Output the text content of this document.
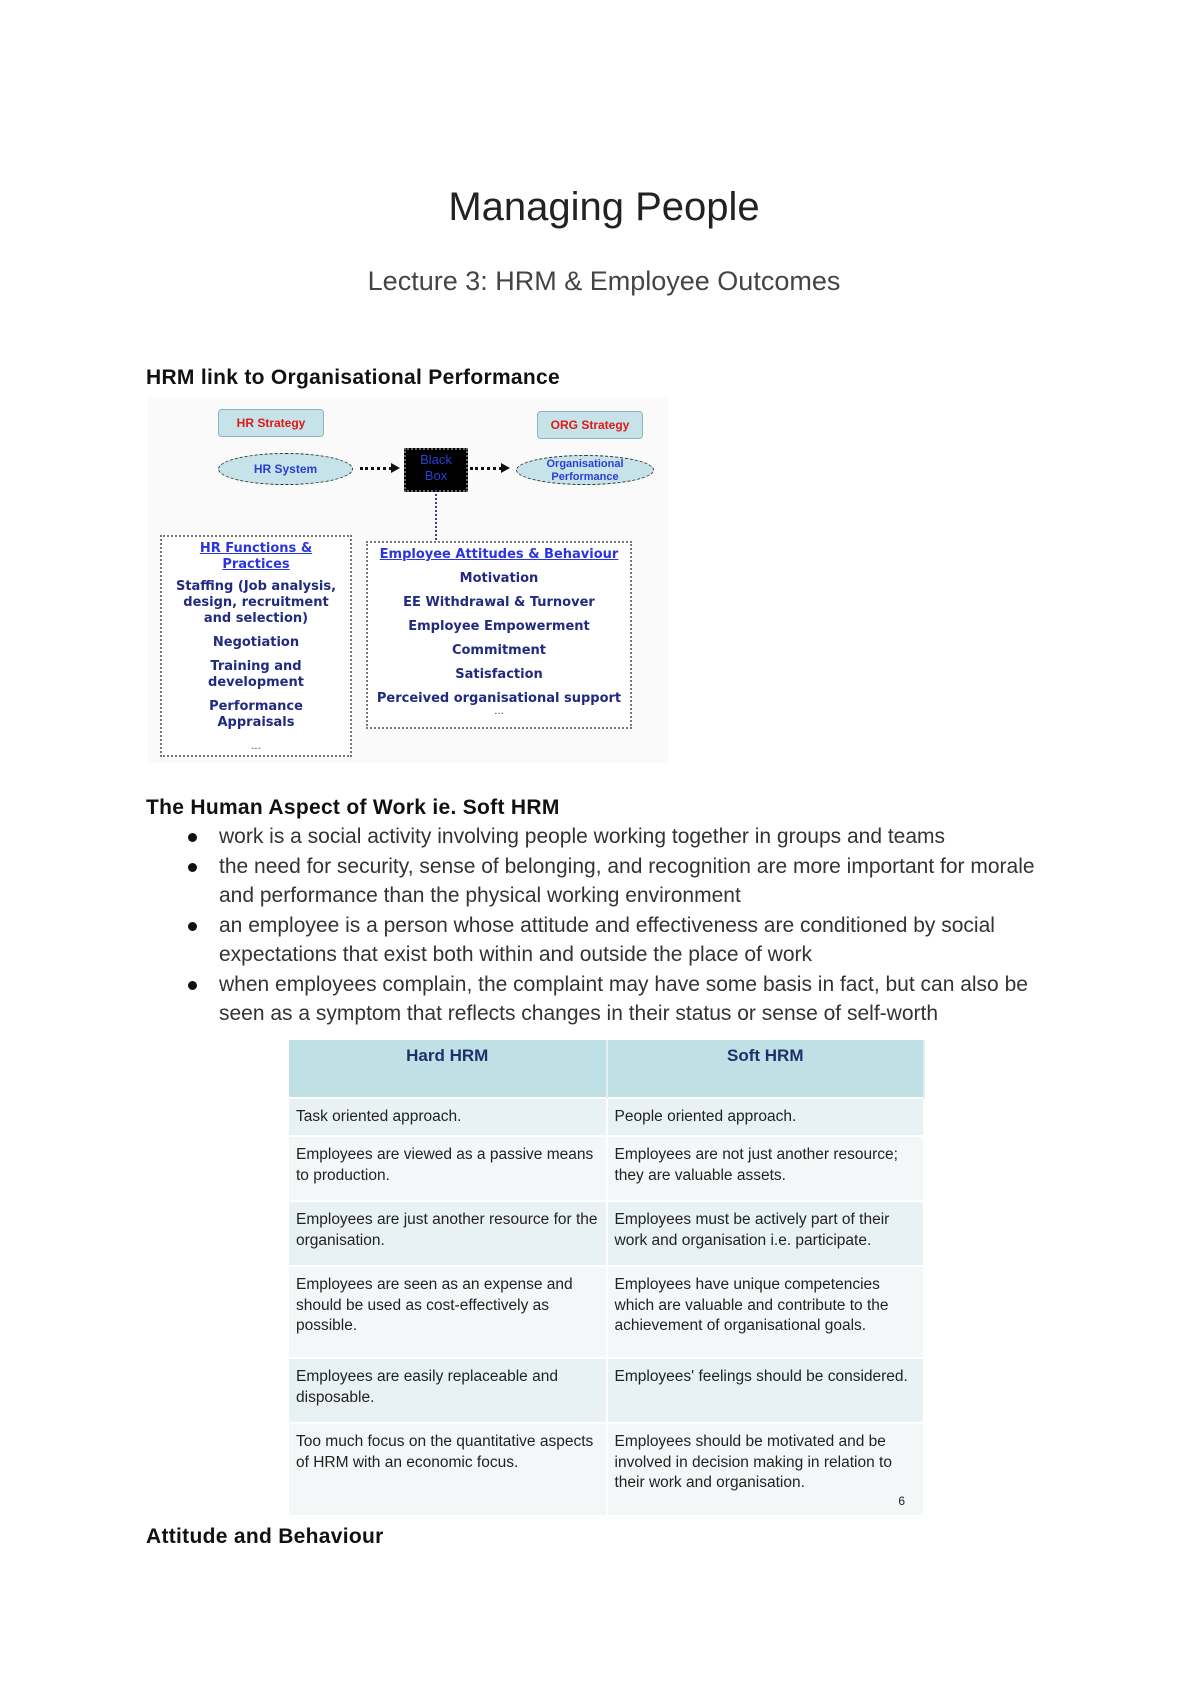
Managing People
Lecture 3: HRM & Employee Outcomes
HRM link to Organisational Performance
HR Strategy	ORG Strategy
HR System
Black
Box
Organisational
Performance
HR Functions &
Practices
Staffing (Job analysis, design, recruitment and selection)
Negotiation
Training and development
Performance Appraisals
...
Employee Attitudes & Behaviour
Motivation
EE Withdrawal & Turnover
Employee Empowerment
Commitment
Satisfaction
Perceived organisational support
...
The Human Aspect of Work ie. Soft HRM
work is a social activity involving people working together in groups and teams
the need for security, sense of belonging, and recognition are more important for morale and performance than the physical working environment
an employee is a person whose attitude and effectiveness are conditioned by social expectations that exist both within and outside the place of work
when employees complain, the complaint may have some basis in fact, but can also be seen as a symptom that reflects changes in their status or sense of self-worth
Hard HRM	Soft HRM
Task oriented approach.	People oriented approach.
Employees are viewed as a passive means to production.	Employees are not just another resource; they are valuable assets.
Employees are just another resource for the organisation.	Employees must be actively part of their work and organisation i.e. participate.
Employees are seen as an expense and should be used as cost-effectively as possible.	Employees have unique competencies which are valuable and contribute to the achievement of organisational goals.
Employees are easily replaceable and disposable.	Employees' feelings should be considered.
Too much focus on the quantitative aspects of HRM with an economic focus.	Employees should be motivated and be involved in decision making in relation to their work and organisation.
6
Attitude and Behaviour
